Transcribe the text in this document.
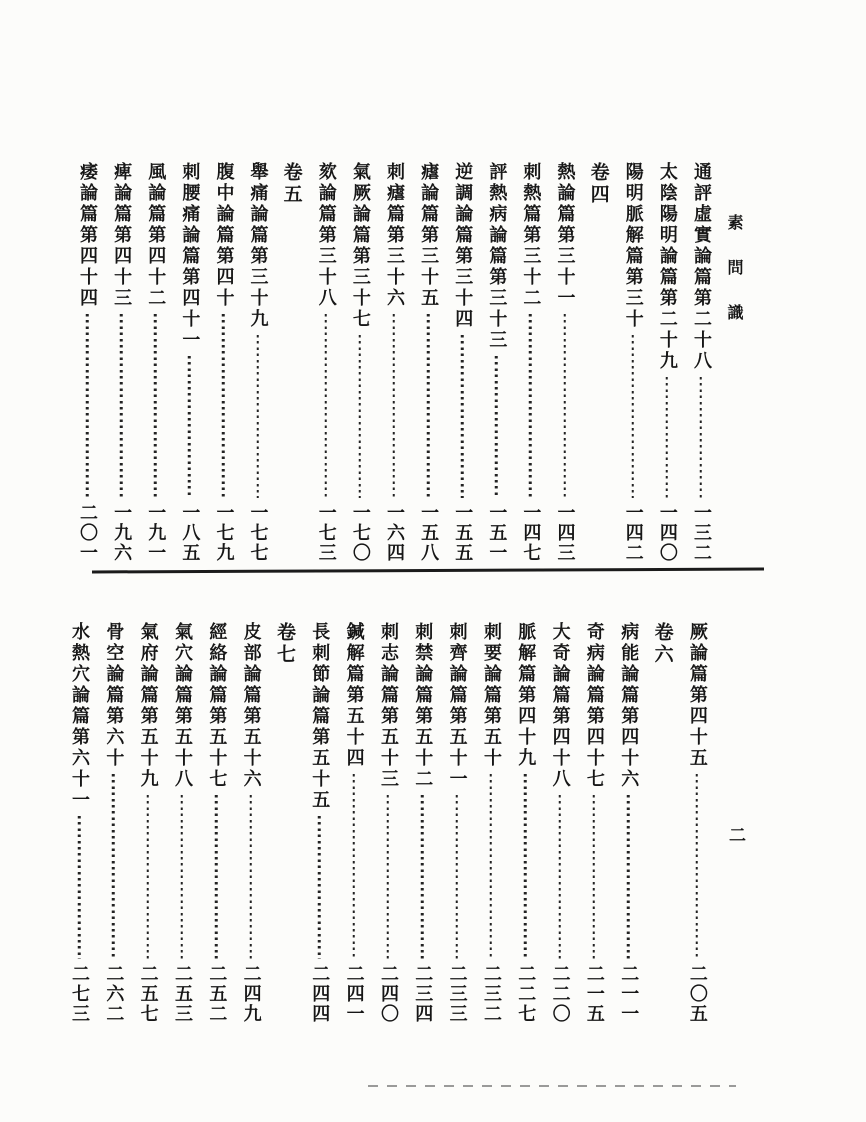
素問識
通評虛實論篇第二十八
一三二
太陰陽明論篇第二十九
一四〇
陽明脈解篇第三十
一四二
卷四
熱論篇第三十一
一四三
刺熱篇第三十二
一四七
評熱病論篇第三十三
一五一
逆調論篇第三十四
一五五
瘧論篇第三十五
一五八
刺瘧篇第三十六
一六四
氣厥論篇第三十七
一七〇
欬論篇第三十八
一七三
卷五
舉痛論篇第三十九
一七七
腹中論篇第四十
一七九
刺腰痛論篇第四十一
一八五
風論篇第四十二
一九一
痺論篇第四十三
一九六
痿論篇第四十四
二〇一
厥論篇第四十五
二〇五
卷六
病能論篇第四十六
二一一
奇病論篇第四十七
二一五
大奇論篇第四十八
二二〇
脈解篇第四十九
二二七
刺要論篇第五十
二三二
刺齊論篇第五十一
二三三
刺禁論篇第五十二
二三四
刺志論篇第五十三
二四〇
鍼解篇第五十四
二四一
長刺節論篇第五十五
二四四
卷七
皮部論篇第五十六
二四九
經絡論篇第五十七
二五二
氣穴論篇第五十八
二五三
氣府論篇第五十九
二五七
骨空論篇第六十
二六二
水熱穴論篇第六十一
二七三
二
